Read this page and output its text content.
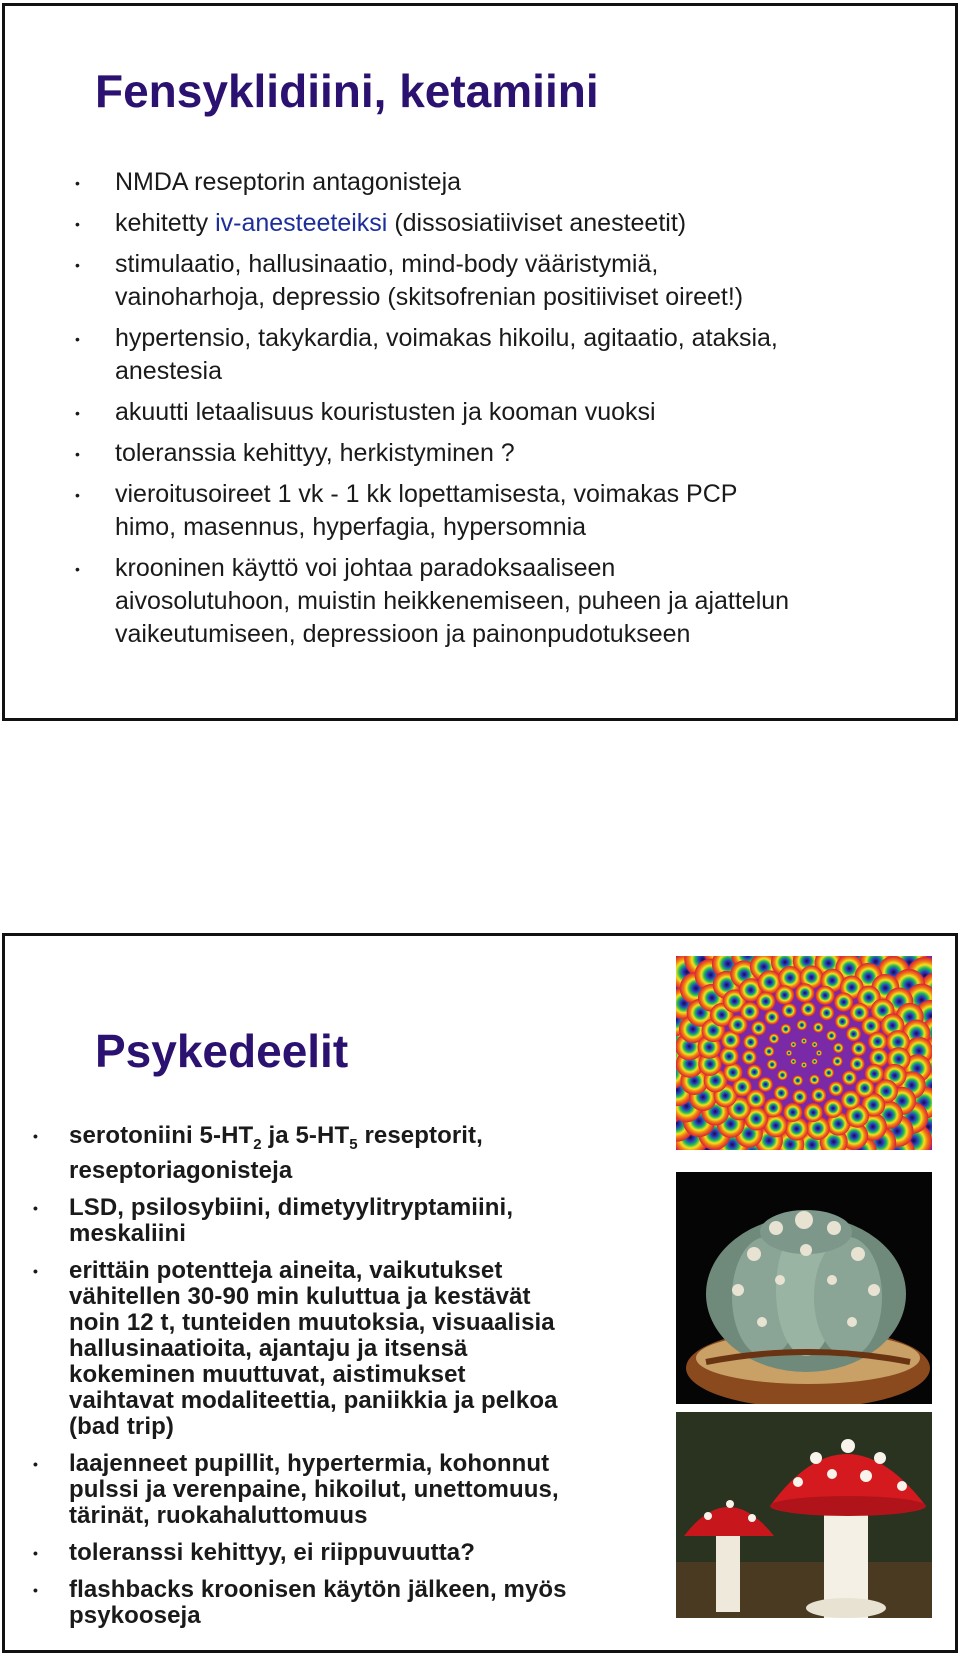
Fensyklidiini, ketamiini
• NMDA reseptorin antagonisteja
• kehitetty iv-anesteeteiksi (dissosiatiiviset anesteetit)
• stimulaatio, hallusinaatio, mind-body vääristymiä,
vainoharhoja, depressio (skitsofrenian positiiviset oireet!)
• hypertensio, takykardia, voimakas hikoilu, agitaatio, ataksia,
anestesia
• akuutti letaalisuus kouristusten ja kooman vuoksi
• toleranssia kehittyy, herkistyminen ?
• vieroitusoireet 1 vk - 1 kk lopettamisesta, voimakas PCP
himo, masennus, hyperfagia, hypersomnia
• krooninen käyttö voi johtaa paradoksaaliseen
aivosolutuhoon, muistin heikkenemiseen, puheen ja ajattelun
vaikeutumiseen, depressioon ja painonpudotukseen
Psykedeelit
• serotoniini $5-HT_2$ ja $5-HT_5$ reseptorit,
reseptoriagonisteja
• LSD, psilosybiini, dimetyylitryptamiini,
meskaliini
• erittäin potentteja aineita, vaikutukset
vähitellen 30-90 min kuluttua ja kestävät
noin 12 t, tunteiden muutoksia, visuaalisia
hallusinaatioita, ajantaju ja itsensä
kokeminen muuttuvat, aistimukset
vaihtavat modaliteettia, paniikkia ja pelkoa
(bad trip)
• laajenneet pupillit, hypertermia, kohonnut
pulssi ja verenpaine, hikoilut, unettomuus,
tärinät, ruokahaluttomuus
• toleranssi kehittyy, ei riippuvuutta?
• flashbacks kroonisen käytön jälkeen, myös
psykooseja
